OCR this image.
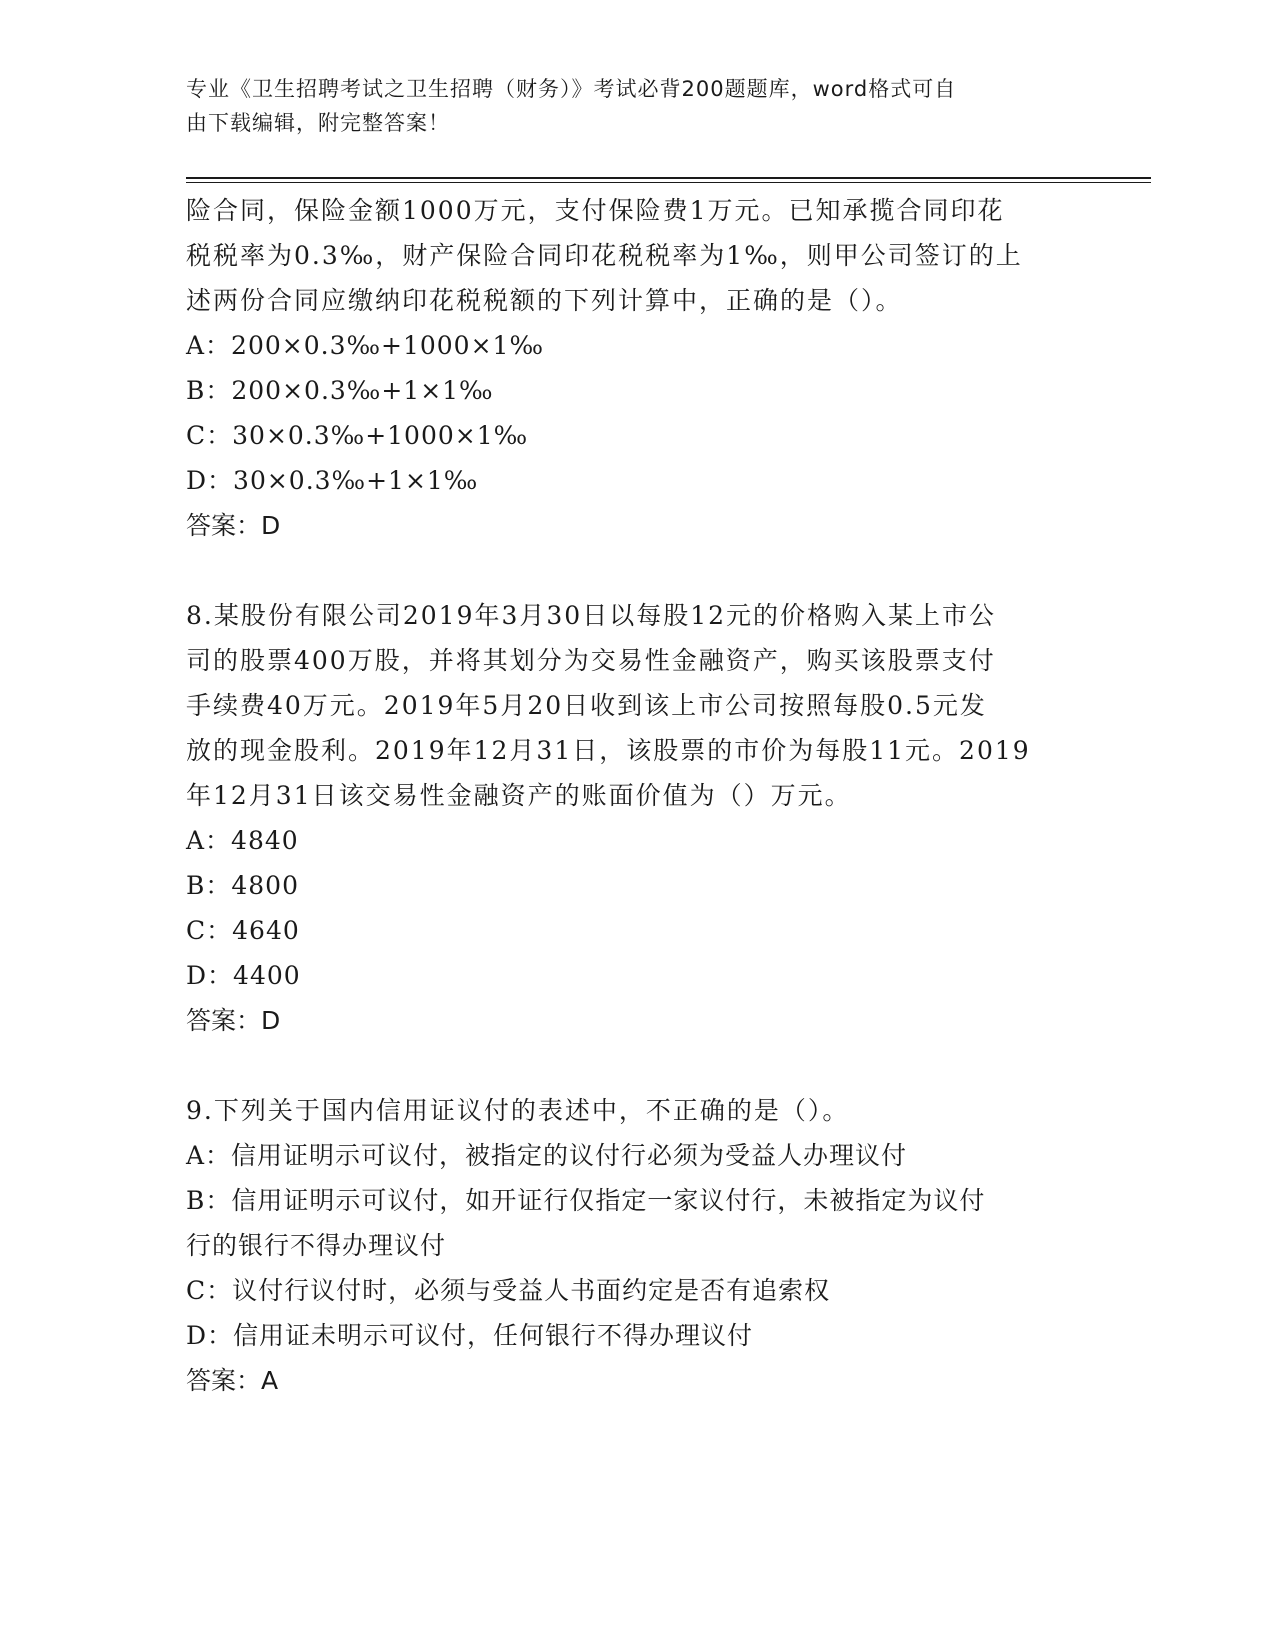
专业《卫生招聘考试之卫生招聘（财务）》考试必背200题题库，word格式可自
由下载编辑，附完整答案！

险合同，保险金额1000万元，支付保险费1万元。已知承揽合同印花

税税率为0.3‰，财产保险合同印花税税率为1‰，则甲公司签订的上

述两份合同应缴纳印花税税额的下列计算中，正确的是（）。

A：200×0.3‰+1000×1‰

B：200×0.3‰+1×1‰

C：30×0.3‰+1000×1‰

D：30×0.3‰+1×1‰

答案：D

8.某股份有限公司2019年3月30日以每股12元的价格购入某上市公

司的股票400万股，并将其划分为交易性金融资产，购买该股票支付

手续费40万元。2019年5月20日收到该上市公司按照每股0.5元发

放的现金股利。2019年12月31日，该股票的市价为每股11元。2019

年12月31日该交易性金融资产的账面价值为（）万元。

A：4840

B：4800

C：4640

D：4400

答案：D

9.下列关于国内信用证议付的表述中，不正确的是（）。

A：信用证明示可议付，被指定的议付行必须为受益人办理议付

B：信用证明示可议付，如开证行仅指定一家议付行，未被指定为议付

行的银行不得办理议付

C：议付行议付时，必须与受益人书面约定是否有追索权

D：信用证未明示可议付，任何银行不得办理议付

答案：A
